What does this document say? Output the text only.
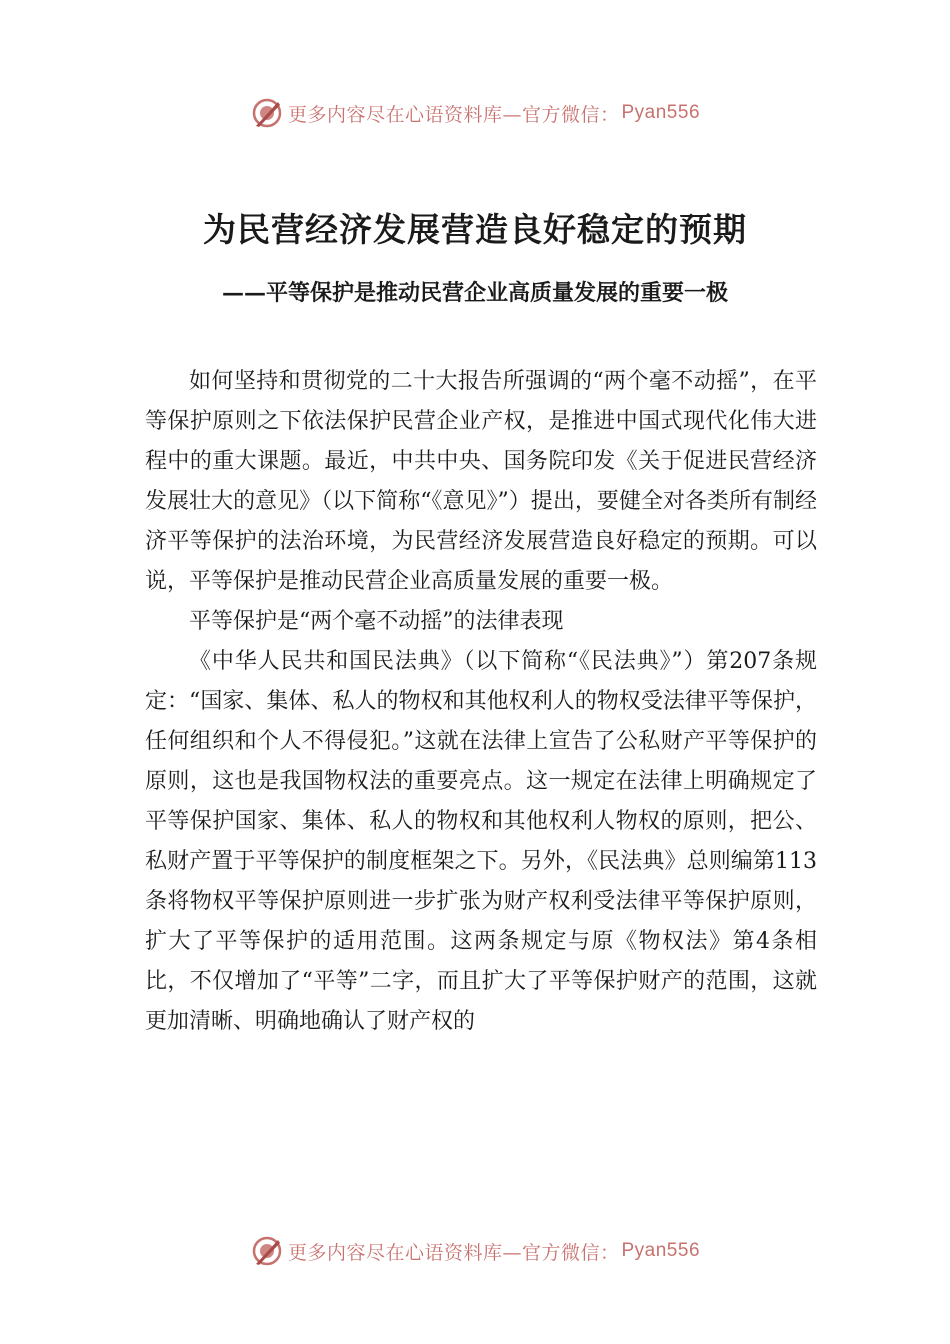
更多内容尽在心语资料库—官方微信： Pyan556
为民营经济发展营造良好稳定的预期
——平等保护是推动民营企业高质量发展的重要一极

如何坚持和贯彻党的二十大报告所强调的“两个毫不动摇”，在平等保护原则之下依法保护民营企业产权，是推进中国式现代化伟大进程中的重大课题。最近，中共中央、国务院印发《关于促进民营经济发展壮大的意见》（以下简称“《意见》”）提出，要健全对各类所有制经济平等保护的法治环境，为民营经济发展营造良好稳定的预期。可以说，平等保护是推动民营企业高质量发展的重要一极。

平等保护是“两个毫不动摇”的法律表现

《中华人民共和国民法典》（以下简称“《民法典》”）第207条规定：“国家、集体、私人的物权和其他权利人的物权受法律平等保护，任何组织和个人不得侵犯。”这就在法律上宣告了公私财产平等保护的原则，这也是我国物权法的重要亮点。这一规定在法律上明确规定了平等保护国家、集体、私人的物权和其他权利人物权的原则，把公、私财产置于平等保护的制度框架之下。另外，《民法典》总则编第113条将物权平等保护原则进一步扩张为财产权利受法律平等保护原则，扩大了平等保护的适用范围。这两条规定与原《物权法》第4条相比，不仅增加了“平等”二字，而且扩大了平等保护财产的范围，这就更加清晰、明确地确认了财产权的

更多内容尽在心语资料库—官方微信： Pyan556
